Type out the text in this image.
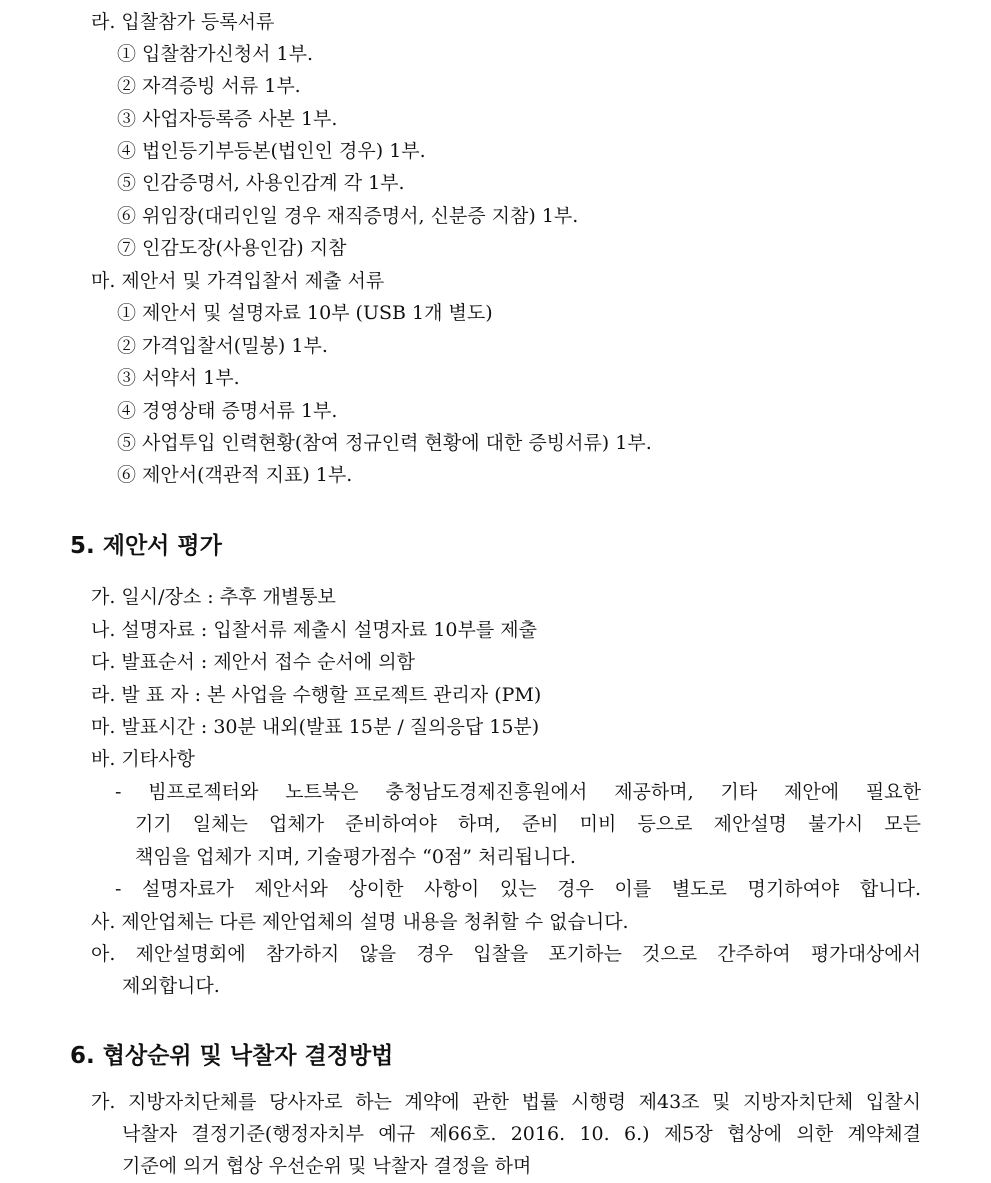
라. 입찰참가 등록서류
① 입찰참가신청서 1부.
② 자격증빙 서류 1부.
③ 사업자등록증 사본 1부.
④ 법인등기부등본(법인인 경우) 1부.
⑤ 인감증명서, 사용인감계 각 1부.
⑥ 위임장(대리인일 경우 재직증명서, 신분증 지참) 1부.
⑦ 인감도장(사용인감) 지참
마. 제안서 및 가격입찰서 제출 서류
① 제안서 및 설명자료 10부 (USB 1개 별도)
② 가격입찰서(밀봉) 1부.
③ 서약서 1부.
④ 경영상태 증명서류 1부.
⑤ 사업투입 인력현황(참여 정규인력 현황에 대한 증빙서류) 1부.
⑥ 제안서(객관적 지표) 1부.
5. 제안서 평가
가. 일시/장소 : 추후 개별통보
나. 설명자료 : 입찰서류 제출시 설명자료 10부를 제출
다. 발표순서 : 제안서 접수 순서에 의함
라. 발 표 자 : 본 사업을 수행할 프로젝트 관리자 (PM)
마. 발표시간 : 30분 내외(발표 15분 / 질의응답 15분)
바. 기타사항
- 빔프로젝터와 노트북은 충청남도경제진흥원에서 제공하며, 기타 제안에 필요한
기기 일체는 업체가 준비하여야 하며, 준비 미비 등으로 제안설명 불가시 모든
책임을 업체가 지며, 기술평가점수 “0점” 처리됩니다.
- 설명자료가 제안서와 상이한 사항이 있는 경우 이를 별도로 명기하여야 합니다.
사. 제안업체는 다른 제안업체의 설명 내용을 청취할 수 없습니다.
아. 제안설명회에 참가하지 않을 경우 입찰을 포기하는 것으로 간주하여 평가대상에서
제외합니다.
6. 협상순위 및 낙찰자 결정방법
가. 지방자치단체를 당사자로 하는 계약에 관한 법률 시행령 제43조 및 지방자치단체 입찰시
낙찰자 결정기준(행정자치부 예규 제66호. 2016. 10. 6.) 제5장 협상에 의한 계약체결
기준에 의거 협상 우선순위 및 낙찰자 결정을 하며
